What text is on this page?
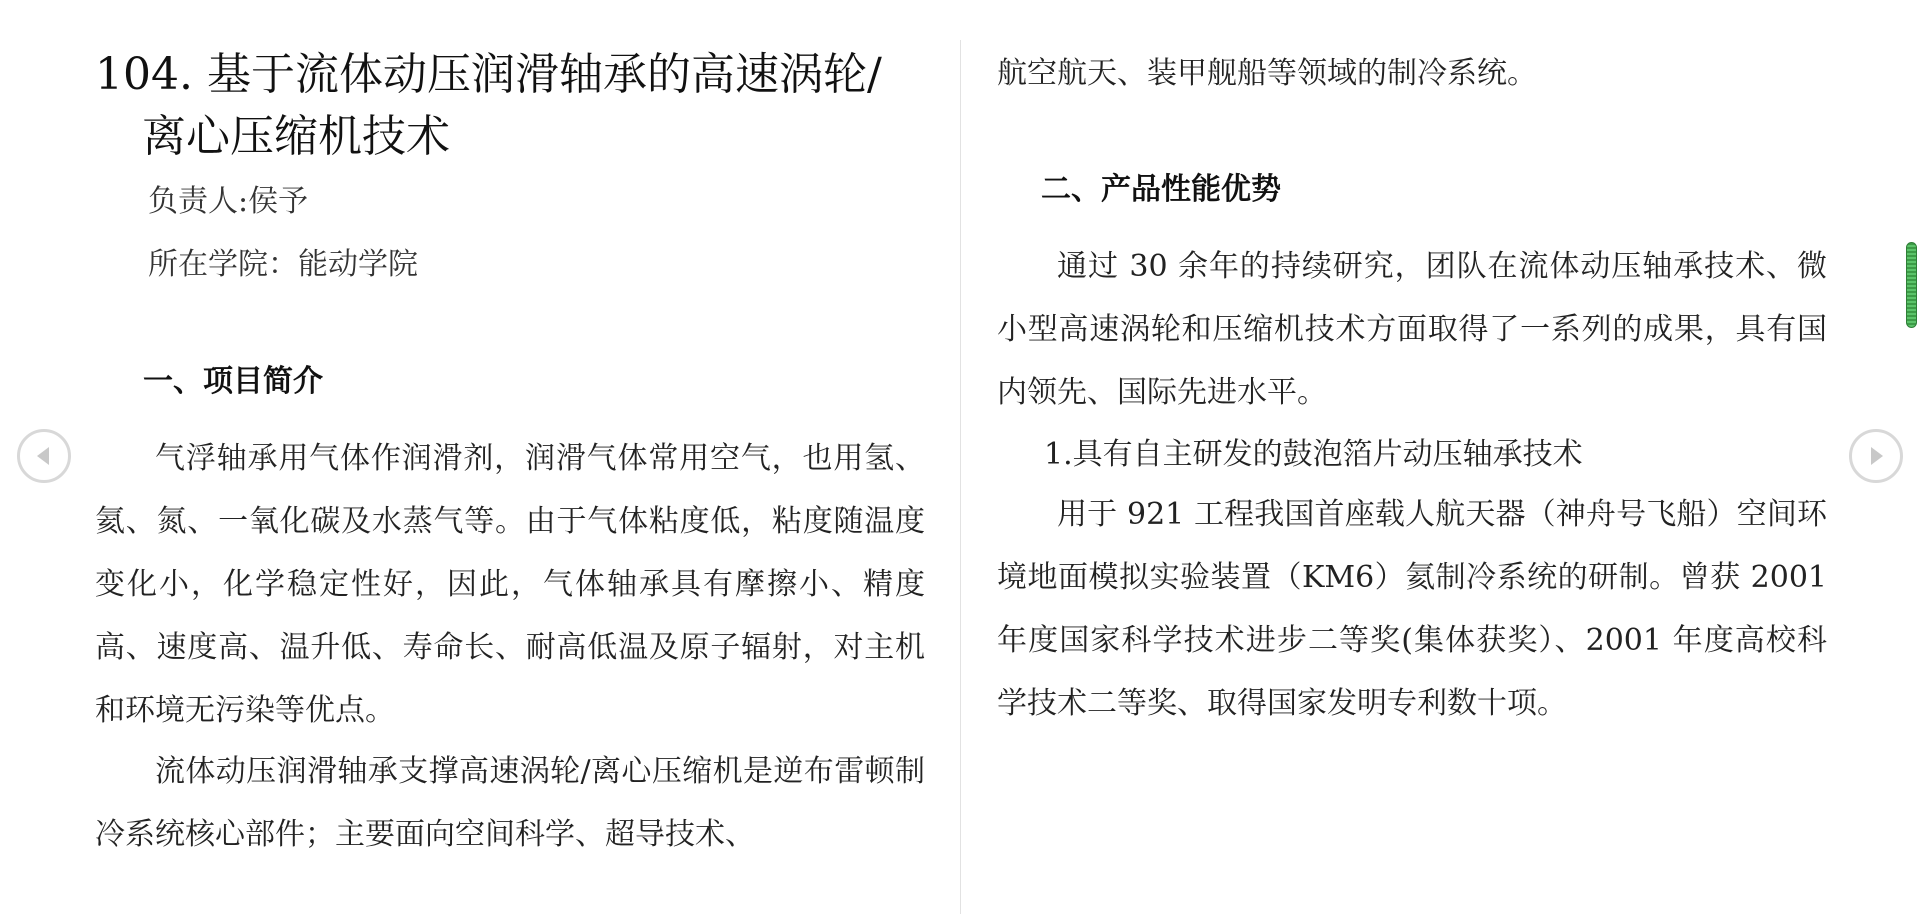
104. 基于流体动压润滑轴承的高速涡轮/
离心压缩机技术
负责人:侯予
所在学院：能动学院
一、项目简介

气浮轴承用气体作润滑剂，润滑气体常用空气，也用氢、氦、氮、一氧化碳及水蒸气等。由于气体粘度低，粘度随温度变化小，化学稳定性好，因此，气体轴承具有摩擦小、精度高、速度高、温升低、寿命长、耐高低温及原子辐射，对主机和环境无污染等优点。

流体动压润滑轴承支撑高速涡轮/离心压缩机是逆布雷顿制冷系统核心部件；主要面向空间科学、超导技术、

航空航天、装甲舰船等领域的制冷系统。

二、产品性能优势

通过 30 余年的持续研究，团队在流体动压轴承技术、微小型高速涡轮和压缩机技术方面取得了一系列的成果，具有国内领先、国际先进水平。

1.具有自主研发的鼓泡箔片动压轴承技术

用于 921 工程我国首座载人航天器（神舟号飞船）空间环境地面模拟实验装置（KM6）氦制冷系统的研制。曾获 2001 年度国家科学技术进步二等奖(集体获奖）、2001 年度高校科学技术二等奖、取得国家发明专利数十项。
